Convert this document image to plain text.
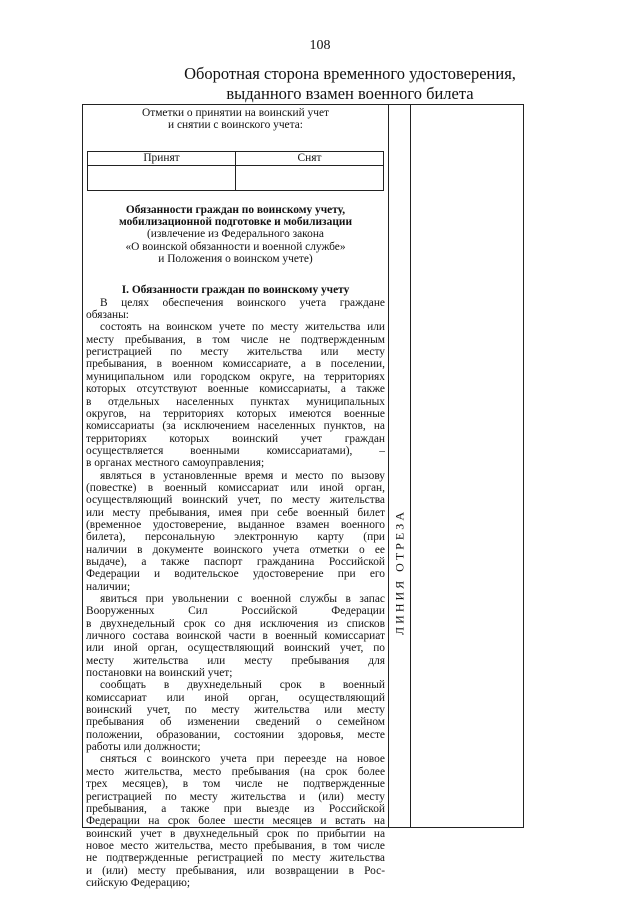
108
Оборотная сторона временного удостоверения,
выданного взамен военного билета
ЛИНИЯ ОТРЕЗА
Отметки о принятии на воинский учет
и снятии с воинского учета:
Принят	Снят

Обязанности граждан по воинскому учету,
мобилизационной подготовке и мобилизации
(извлечение из Федерального закона
«О воинской обязанности и военной службе»
и Положения о воинском учете)
I. Обязанности граждан по воинскому учету
В целях обеспечения воинского учета граждане
обязаны:
состоять на воинском учете по месту жительства или
месту пребывания, в том числе не подтвержденным
регистрацией по месту жительства или месту
пребывания, в военном комиссариате, а в поселении,
муниципальном или городском округе, на территориях
которых отсутствуют военные комиссариаты, а также
в отдельных населенных пунктах муниципальных
округов, на территориях которых имеются военные
комиссариаты (за исключением населенных пунктов, на
территориях которых воинский учет граждан
осуществляется военными комиссариатами), –
в органах местного самоуправления;
являться в установленные время и место по вызову
(повестке) в военный комиссариат или иной орган,
осуществляющий воинский учет, по месту жительства
или месту пребывания, имея при себе военный билет
(временное удостоверение, выданное взамен военного
билета), персональную электронную карту (при
наличии в документе воинского учета отметки о ее
выдаче), а также паспорт гражданина Российской
Федерации и водительское удостоверение при его
наличии;
явиться при увольнении с военной службы в запас
Вооруженных Сил Российской Федерации
в двухнедельный срок со дня исключения из списков
личного состава воинской части в военный комиссариат
или иной орган, осуществляющий воинский учет, по
месту жительства или месту пребывания для
постановки на воинский учет;
сообщать в двухнедельный срок в военный
комиссариат или иной орган, осуществляющий
воинский учет, по месту жительства или месту
пребывания об изменении сведений о семейном
положении, образовании, состоянии здоровья, месте
работы или должности;
сняться с воинского учета при переезде на новое
место жительства, место пребывания (на срок более
трех месяцев), в том числе не подтвержденные
регистрацией по месту жительства и (или) месту
пребывания, а также при выезде из Российской
Федерации на срок более шести месяцев и встать на
воинский учет в двухнедельный срок по прибытии на
новое место жительства, место пребывания, в том числе
не подтвержденные регистрацией по месту жительства
и (или) месту пребывания, или возвращении в Рос-
сийскую Федерацию;
